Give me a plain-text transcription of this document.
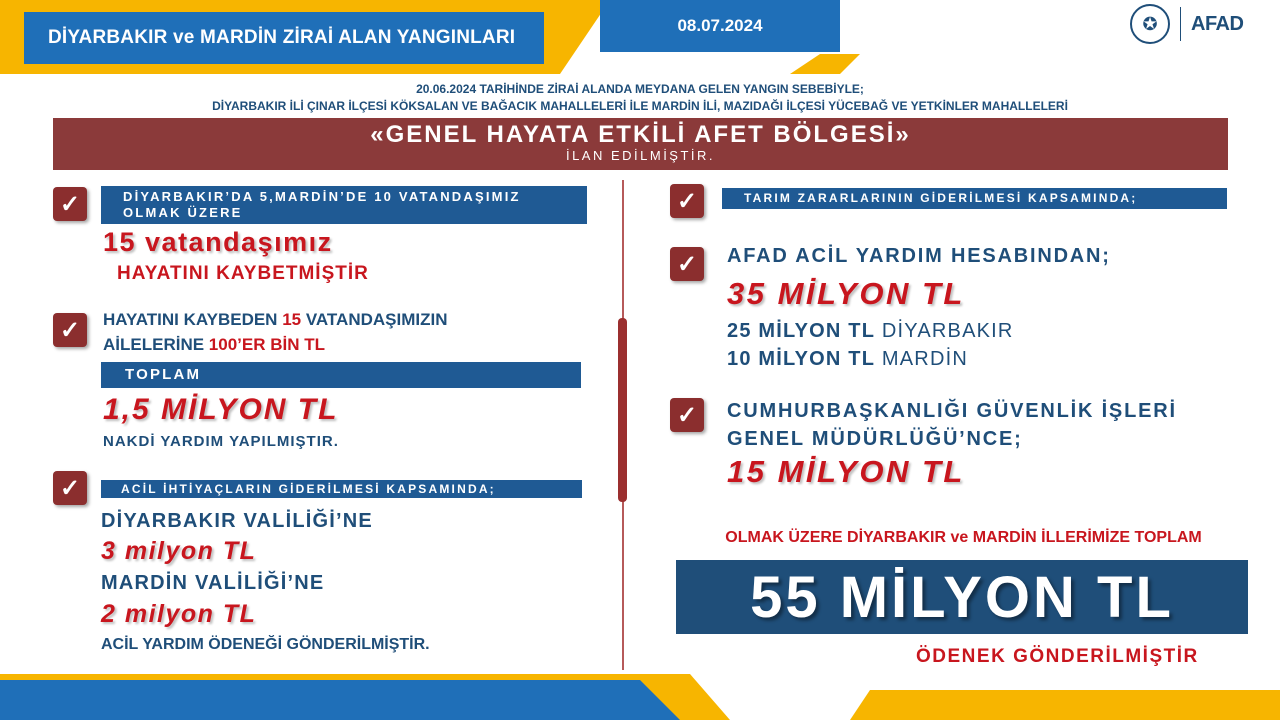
DİYARBAKIR ve MARDİN ZİRAİ ALAN YANGINLARI
08.07.2024	✪	AFAD
20.06.2024 TARİHİNDE ZİRAİ ALANDA MEYDANA GELEN YANGIN SEBEBİYLE;
DİYARBAKIR İLİ ÇINAR İLÇESİ KÖKSALAN VE BAĞACIK MAHALLELERİ İLE MARDİN İLİ, MAZIDAĞI İLÇESİ YÜCEBAĞ VE YETKİNLER MAHALLELERİ
«GENEL HAYATA ETKİLİ AFET BÖLGESİ»
İLAN EDİLMİŞTİR.
✓	DİYARBAKIR’DA 5,MARDİN’DE 10 VATANDAŞIMIZ
OLMAK ÜZERE
15 vatandaşımız
HAYATINI KAYBETMİŞTİR
✓	HAYATINI KAYBEDEN 15 VATANDAŞIMIZIN
AİLELERİNE 100’ER BİN TL
TOPLAM
1,5 MİLYON TL
NAKDİ YARDIM YAPILMIŞTIR.
✓	ACİL İHTİYAÇLARIN GİDERİLMESİ KAPSAMINDA;
DİYARBAKIR VALİLİĞİ’NE
3 milyon TL
MARDİN VALİLİĞİ’NE
2 milyon TL
ACİL YARDIM ÖDENEĞİ GÖNDERİLMİŞTİR.
✓	TARIM ZARARLARININ GİDERİLMESİ KAPSAMINDA;
✓	AFAD ACİL YARDIM HESABINDAN;
35 MİLYON TL
25 MİLYON TL DİYARBAKIR
10 MİLYON TL MARDİN
✓	CUMHURBAŞKANLIĞI GÜVENLİK İŞLERİ
GENEL MÜDÜRLÜĞÜ’NCE;
15 MİLYON TL
OLMAK ÜZERE DİYARBAKIR ve MARDİN İLLERİMİZE TOPLAM
55 MİLYON TL
ÖDENEK GÖNDERİLMİŞTİR
